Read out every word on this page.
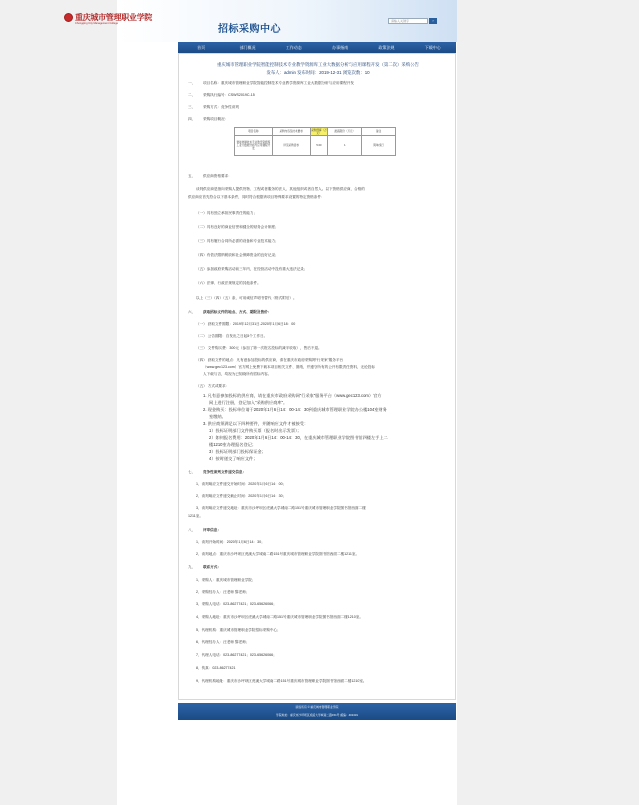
重庆城市管理职业学院
Chongqing City Management College
招标采购中心
请输入关键字	›
首页	部门概况	工作动态	办事指南	政策法规	下载中心
重庆城市管理职业学院智能控制技术专业教学资源库工业大数据分析与应用课程开发（第二次）采购公告
发布人：admin 发布时间：2019-12-31 浏览次数：10
一、 项目名称：重庆城市管理职业学院智能控制技术专业教学资源库工业大数据分析与应用课程开发
二、 采购执行编号：CSWS2019C-15
三、 采购方式：竞争性谈判
四、 采购项目概况：
项目名称	采购内容及技术要求	采购预算（万元）	最高限价（万元）	备注
智能控制技术专业教学资源库工业大数据分析与应用课程开发	详见采购需求	5.00	1	简单线行
五、 供应商资格要求：
谈判供应商是指向采购人提供货物、工程或者服务的法人、其他组织或者自然人。以下资格供应商，合格的
供应商应首先符合以下基本条件，同时符合根据该项目特殊要求设置的特定资格条件：
（一）具有独立承担民事责任的能力；
（二）具有良好的商业信誉和健全的财务会计制度；
（三）具有履行合同所必需的设备和专业技术能力；
（四）有依法缴纳税收和社会保障资金的良好记录；
（五）参加政府采购活动前三年内，在经营活动中没有重大违法记录；
（六）法律、行政法规规定的其他条件。
以上（三）（四）（五）条，可用诚信声明书替代（格式附后）。
六、 获取招标文件的地点、方式、期限及售价：
（一） 获取文件期限：2019年12月31日-2020年1月6日18：00
（二） 公告期限：自发出之日起5个工作日。
（三） 文件购买费：300元（参加了第一次报名投标的减半收取），售后不退。
（四） 获取文件的地点：凡有意参加投标的供应商，请在重庆市政府采购网“行采家”服务平台
（www.gec123.com）官方网上免费下载本项目相关文件、图纸，并遵守所有的公开有限责任资料，无论投标
人下载与否，均视为已知晓所有招标内容。
（五） 方式或要求：
1. 凡有意参加投标的供应商，请在重庆市政府采购网“行采家”服务平台（www.gec123.com）官方
网上进行注册，登记加入“采购供应商库”。
2. 现金购买：投标单位请于2020年1月6日14：00-14：30到重庆城市管理职业学院办公楼104室财务
室缴纳。
3. 供应商须满足以下四种要件，并随响应文件才被接受：
1）投标证明部门文件购买票（报名时出示发票）；
2）如何报名费用：2020年1月6日14：00-14：30，在重庆城市管理职业学院图书馆四楼左手上二
楼1210室办理报名登记；
3）投标证明部门投标保证金；
4）按时递交了响应文件；
七、 竞争性谈判文件递交信息：
1、谈判响应文件递交开始时间：2020年1月6日14：00；
2、谈判响应文件递交截止时间：2020年1月6日14：30；
3、谈判响应文件递交地址：重庆市沙坪坝区虎溪大学城南二路151号重庆城市管理职业学院图书馆西面二楼
1211室。
八、 评审信息：
1、谈判开始时间：2020年1月6日14：30；
2、谈判地点：重庆市沙坪坝区虎溪大学城南二路151号重庆城市管理职业学院图书馆西面二楼1211室。
九、 联系方式：
1、采购人：重庆城市管理职业学院；
2、采购经办人：汪老师 黎老师；
3、采购人电话：023-86277421；023-65626066；
4、采购人地址：重庆市沙坪坝区虎溪大学城南二路151号重庆城市管理职业学院图书馆西面二楼1210室。
5、代理机构：重庆城市管理职业学院招标采购中心；
6、代理经办人：汪老师 黎老师；
7、代理人电话：023-86277421；023-65626066；
8、传真：023-86277421
9、代理机构地址：重庆市沙坪坝区虎溪大学城南二路151号重庆城市管理职业学院图书馆西面二楼1210室。
版权所有 © 重庆城市管理职业学院
学院地址：重庆市沙坪坝区虎溪大学城南二路151号 邮编：401331
